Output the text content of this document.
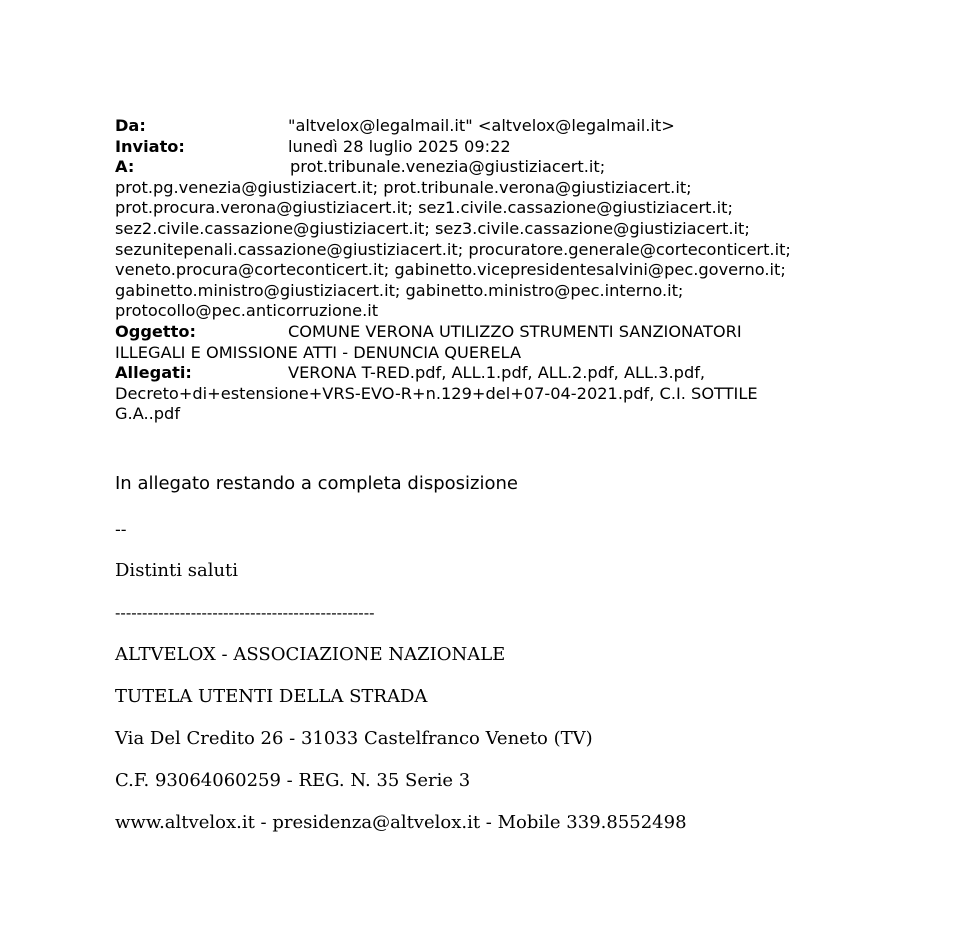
Da:	"altvelox@legalmail.it" <altvelox@legalmail.it>
Inviato:	lunedì 28 luglio 2025 09:22
A:	prot.tribunale.venezia@giustiziacert.it;
prot.pg.venezia@giustiziacert.it; prot.tribunale.verona@giustiziacert.it;
prot.procura.verona@giustiziacert.it; sez1.civile.cassazione@giustiziacert.it;
sez2.civile.cassazione@giustiziacert.it; sez3.civile.cassazione@giustiziacert.it;
sezunitepenali.cassazione@giustiziacert.it; procuratore.generale@corteconticert.it;
veneto.procura@corteconticert.it; gabinetto.vicepresidentesalvini@pec.governo.it;
gabinetto.ministro@giustiziacert.it; gabinetto.ministro@pec.interno.it;
protocollo@pec.anticorruzione.it
Oggetto:	COMUNE VERONA UTILIZZO STRUMENTI SANZIONATORI
ILLEGALI E OMISSIONE ATTI - DENUNCIA QUERELA
Allegati:	VERONA T-RED.pdf, ALL.1.pdf, ALL.2.pdf, ALL.3.pdf,
Decreto+di+estensione+VRS-EVO-R+n.129+del+07-04-2021.pdf, C.I. SOTTILE
G.A..pdf
In allegato restando a completa disposizione
--
Distinti saluti
------------------------------------------------
ALTVELOX - ASSOCIAZIONE NAZIONALE
TUTELA UTENTI DELLA STRADA
Via Del Credito 26 - 31033 Castelfranco Veneto (TV)
C.F. 93064060259 - REG. N. 35 Serie 3
www.altvelox.it - presidenza@altvelox.it - Mobile 339.8552498
